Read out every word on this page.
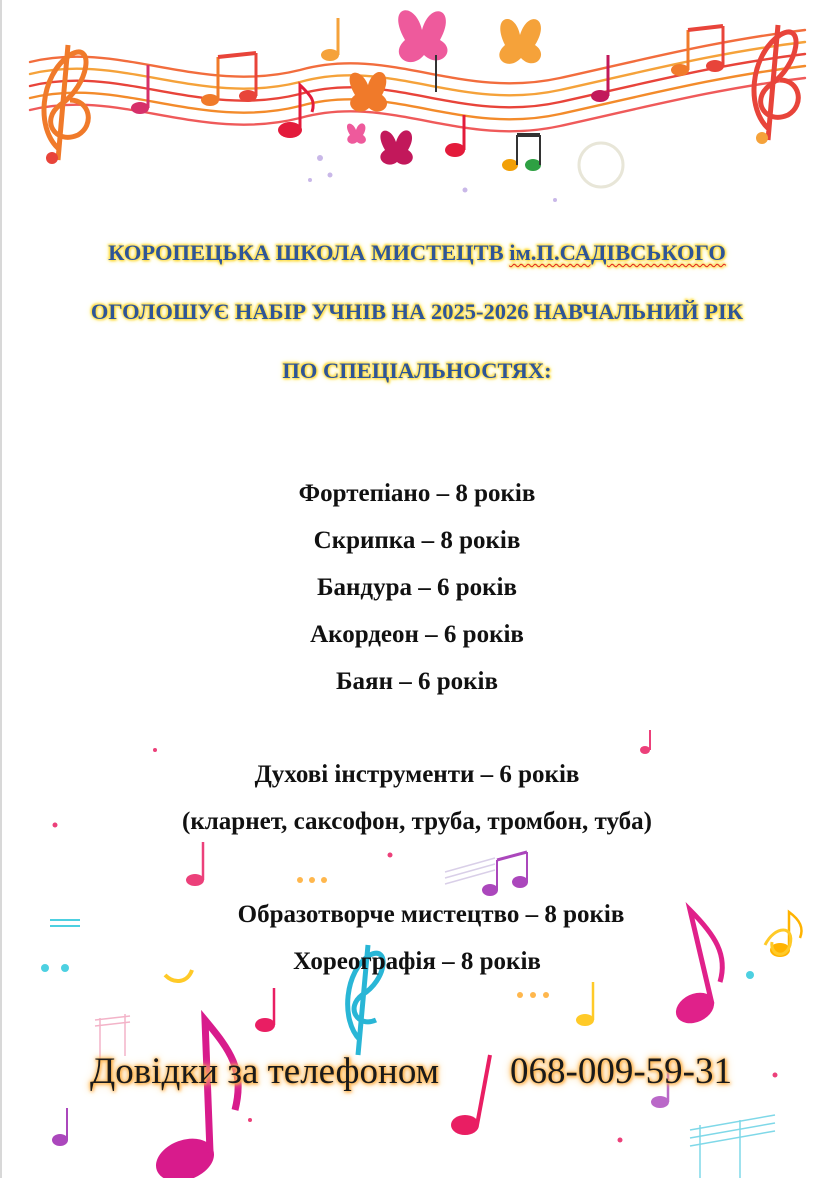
КОРОПЕЦЬКА ШКОЛА МИСТЕЦТВ ім.П.САДІВСЬКОГО
ОГОЛОШУЄ НАБІР УЧНІВ НА 2025-2026 НАВЧАЛЬНИЙ РІК
ПО СПЕЦІАЛЬНОСТЯХ:
Фортепіано – 8 років
Скрипка – 8 років
Бандура – 6 років
Акордеон – 6 років
Баян – 6 років
Духові інструменти – 6 років
(кларнет, саксофон, труба, тромбон, туба)
Образотворче мистецтво – 8 років
Хореографія – 8 років
Довідки за телефоном 068-009-59-31
